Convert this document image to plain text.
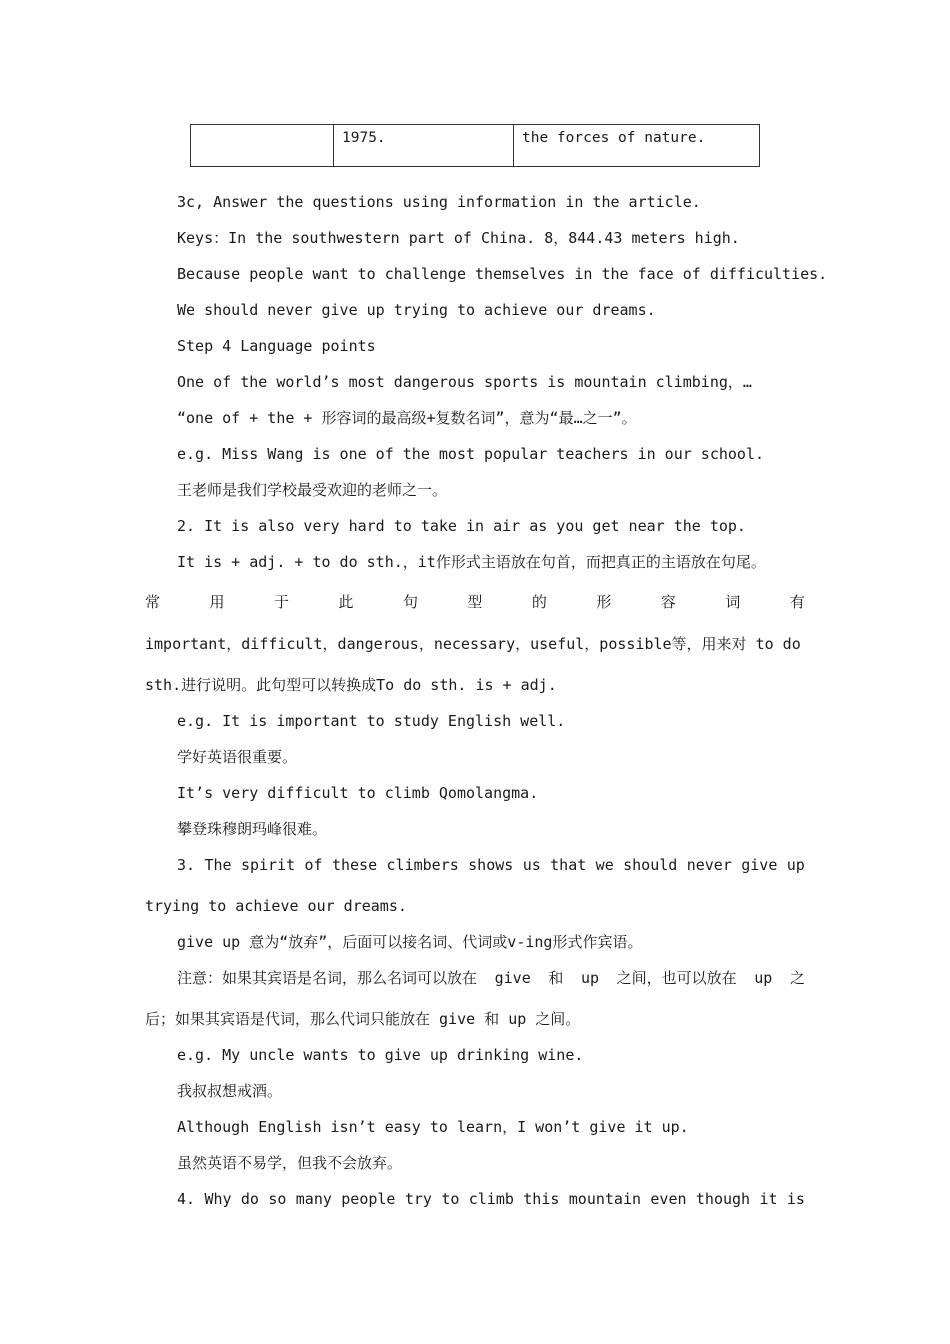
	1975.	the forces of nature.
3c, Answer the questions using information in the article.
Keys：In the southwestern part of China. 8，844.43 meters high.
Because people want to challenge themselves in the face of difficulties.
We should never give up trying to achieve our dreams.
Step 4 Language points
One of the world’s most dangerous sports is mountain climbing，…
“one of + the + 形容词的最高级+复数名词”，意为“最…之一”。
e.g. Miss Wang is one of the most popular teachers in our school.
王老师是我们学校最受欢迎的老师之一。
2. It is also very hard to take in air as you get near the top.
It is + adj. + to do sth.，it作形式主语放在句首，而把真正的主语放在句尾。
常	用	于	此	句	型	的	形	容	词	有
important，difficult，dangerous，necessary，useful，possible等，用来对 to do
sth.进行说明。此句型可以转换成To do sth. is + adj.
e.g. It is important to study English well.
学好英语很重要。
It’s very difficult to climb Qomolangma.
攀登珠穆朗玛峰很难。
3. The spirit of these climbers shows us that we should never give up
trying to achieve our dreams.
give up 意为“放弃”，后面可以接名词、代词或v-ing形式作宾语。
注意：如果其宾语是名词，那么名词可以放在 give 和 up 之间，也可以放在 up 之
后；如果其宾语是代词，那么代词只能放在 give 和 up 之间。
e.g. My uncle wants to give up drinking wine.
我叔叔想戒酒。
Although English isn’t easy to learn，I won’t give it up.
虽然英语不易学，但我不会放弃。
4. Why do so many people try to climb this mountain even though it is
